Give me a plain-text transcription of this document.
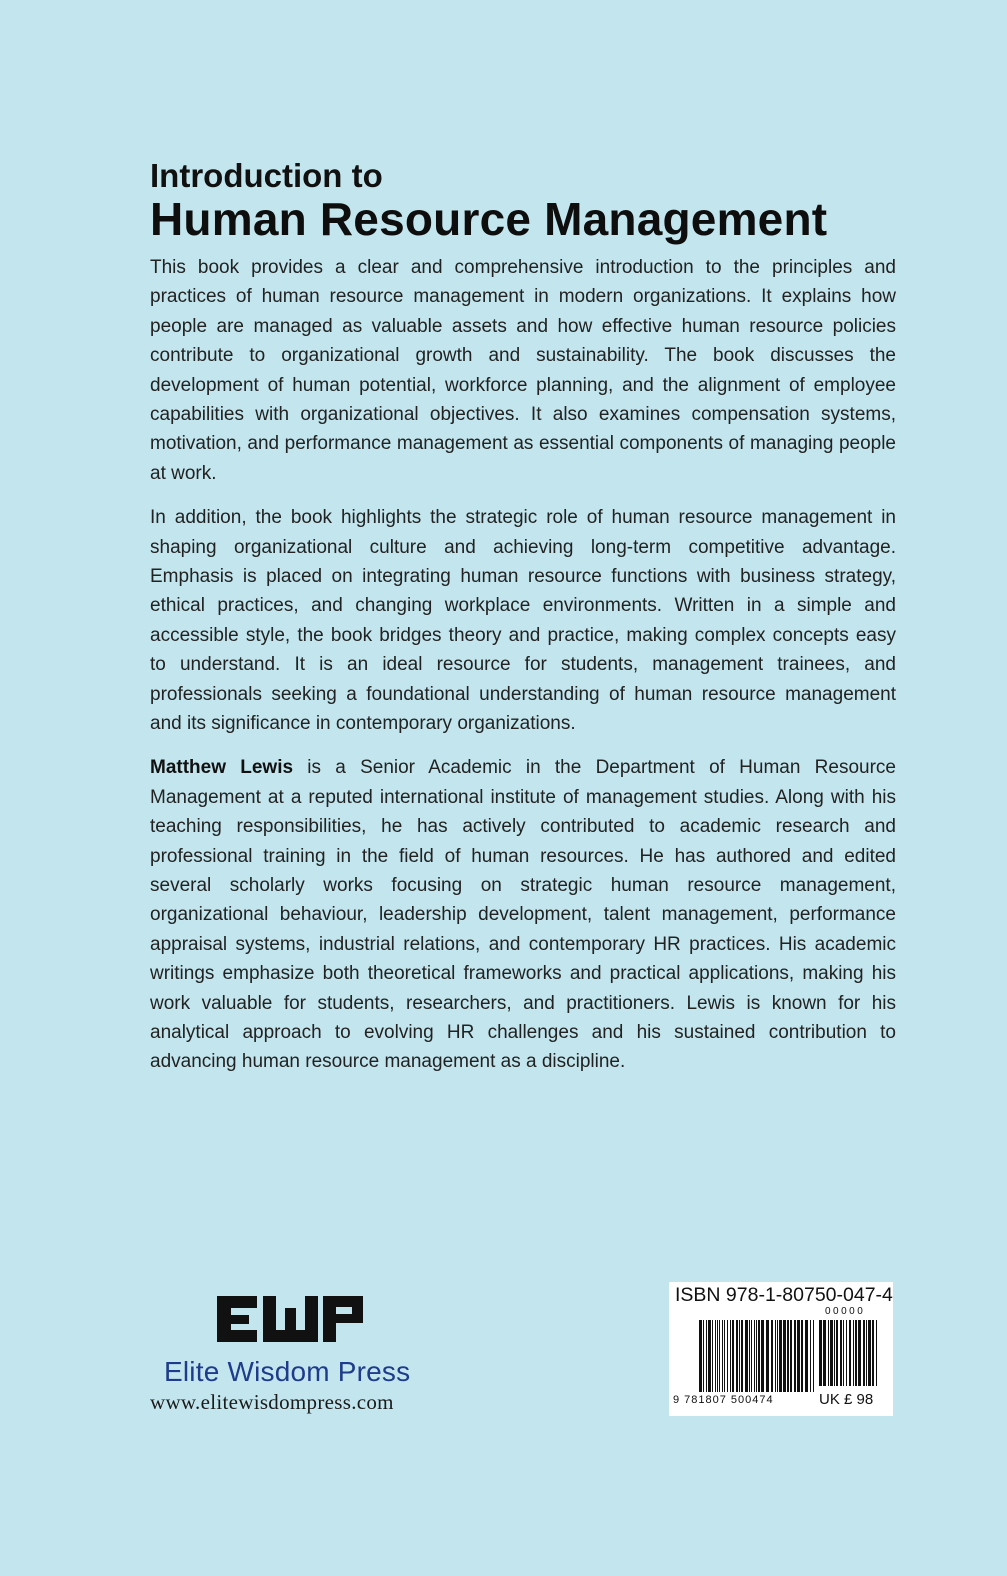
Introduction to
Human Resource Management

This book provides a clear and comprehensive introduction to the principles and practices of human resource management in modern organizations. It explains how people are managed as valuable assets and how effective human resource policies contribute to organizational growth and sustainability. The book discusses the development of human potential, workforce planning, and the alignment of employee capabilities with organizational objectives. It also examines compensation systems, motivation, and performance management as essential components of managing people at work.

In addition, the book highlights the strategic role of human resource management in shaping organizational culture and achieving long-term competitive advantage. Emphasis is placed on integrating human resource functions with business strategy, ethical practices, and changing workplace environments. Written in a simple and accessible style, the book bridges theory and practice, making complex concepts easy to understand. It is an ideal resource for students, management trainees, and professionals seeking a foundational understanding of human resource management and its significance in contemporary organizations.

Matthew Lewis is a Senior Academic in the Department of Human Resource Management at a reputed international institute of management studies. Along with his teaching responsibilities, he has actively contributed to academic research and professional training in the field of human resources. He has authored and edited several scholarly works focusing on strategic human resource management, organizational behaviour, leadership development, talent management, performance appraisal systems, industrial relations, and contemporary HR practices. His academic writings emphasize both theoretical frameworks and practical applications, making his work valuable for students, researchers, and practitioners. Lewis is known for his analytical approach to evolving HR challenges and his sustained contribution to advancing human resource management as a discipline.

Elite Wisdom Press
www.elitewisdompress.com
ISBN 978-1-80750-047-4
00000
9 781807 500474	UK £ 98
